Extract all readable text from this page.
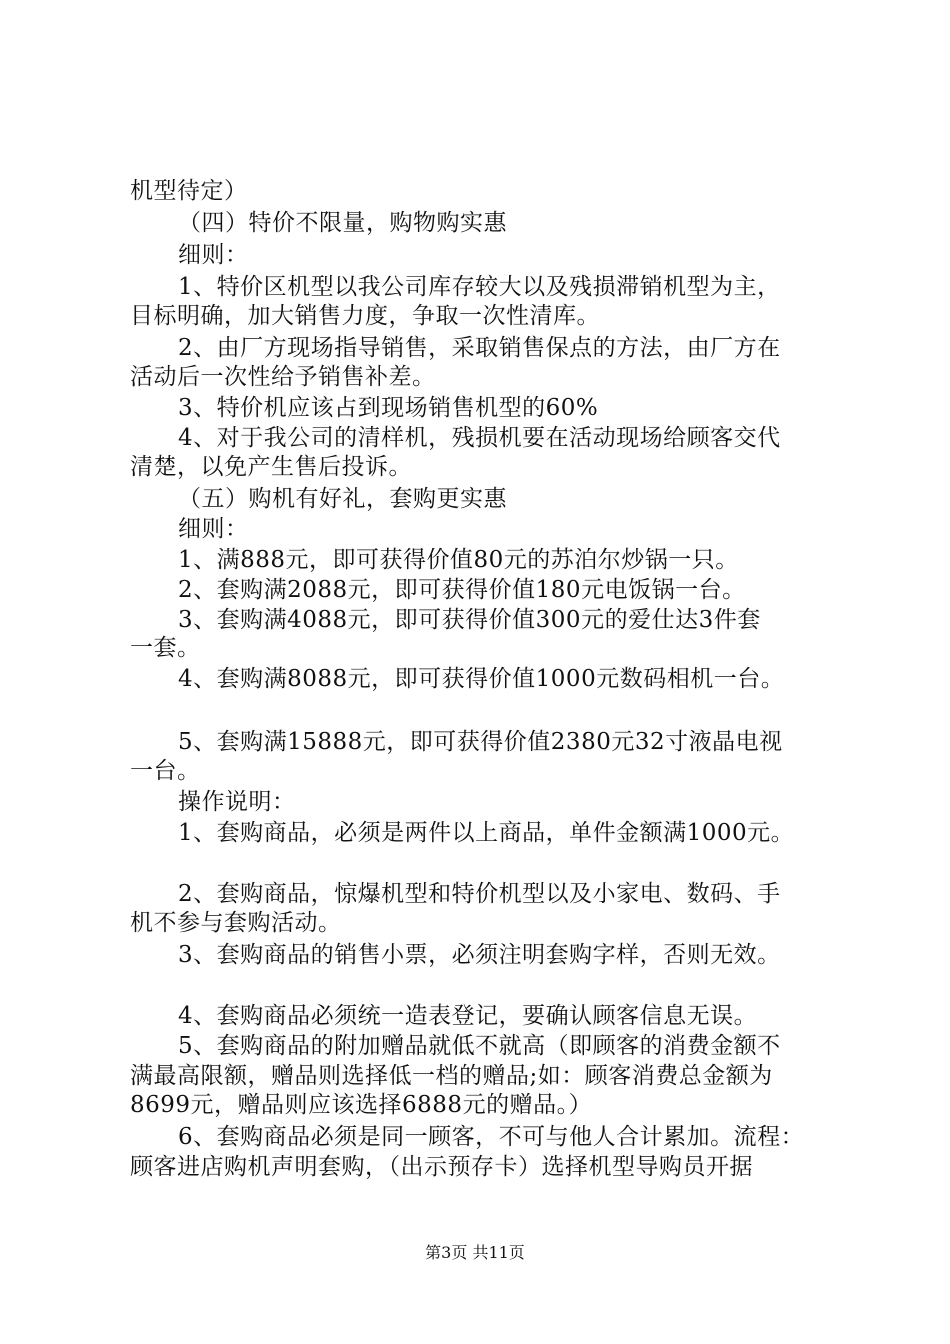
机型待定）
（四）特价不限量，购物购实惠
细则：
1、特价区机型以我公司库存较大以及残损滞销机型为主，
目标明确，加大销售力度，争取一次性清库。
2、由厂方现场指导销售，采取销售保点的方法，由厂方在
活动后一次性给予销售补差。
3、特价机应该占到现场销售机型的60%
4、对于我公司的清样机，残损机要在活动现场给顾客交代
清楚，以免产生售后投诉。
（五）购机有好礼，套购更实惠
细则：
1、满888元，即可获得价值80元的苏泊尔炒锅一只。
2、套购满2088元，即可获得价值180元电饭锅一台。
3、套购满4088元，即可获得价值300元的爱仕达3件套
一套。
4、套购满8088元，即可获得价值1000元数码相机一台。
5、套购满15888元，即可获得价值2380元32寸液晶电视
一台。
操作说明：
1、套购商品，必须是两件以上商品，单件金额满1000元。
2、套购商品，惊爆机型和特价机型以及小家电、数码、手
机不参与套购活动。
3、套购商品的销售小票，必须注明套购字样，否则无效。
4、套购商品必须统一造表登记，要确认顾客信息无误。
5、套购商品的附加赠品就低不就高（即顾客的消费金额不
满最高限额，赠品则选择低一档的赠品;如：顾客消费总金额为
8699元，赠品则应该选择6888元的赠品。）
6、套购商品必须是同一顾客，不可与他人合计累加。流程：
顾客进店购机声明套购，（出示预存卡）选择机型导购员开据
第3页 共11页
